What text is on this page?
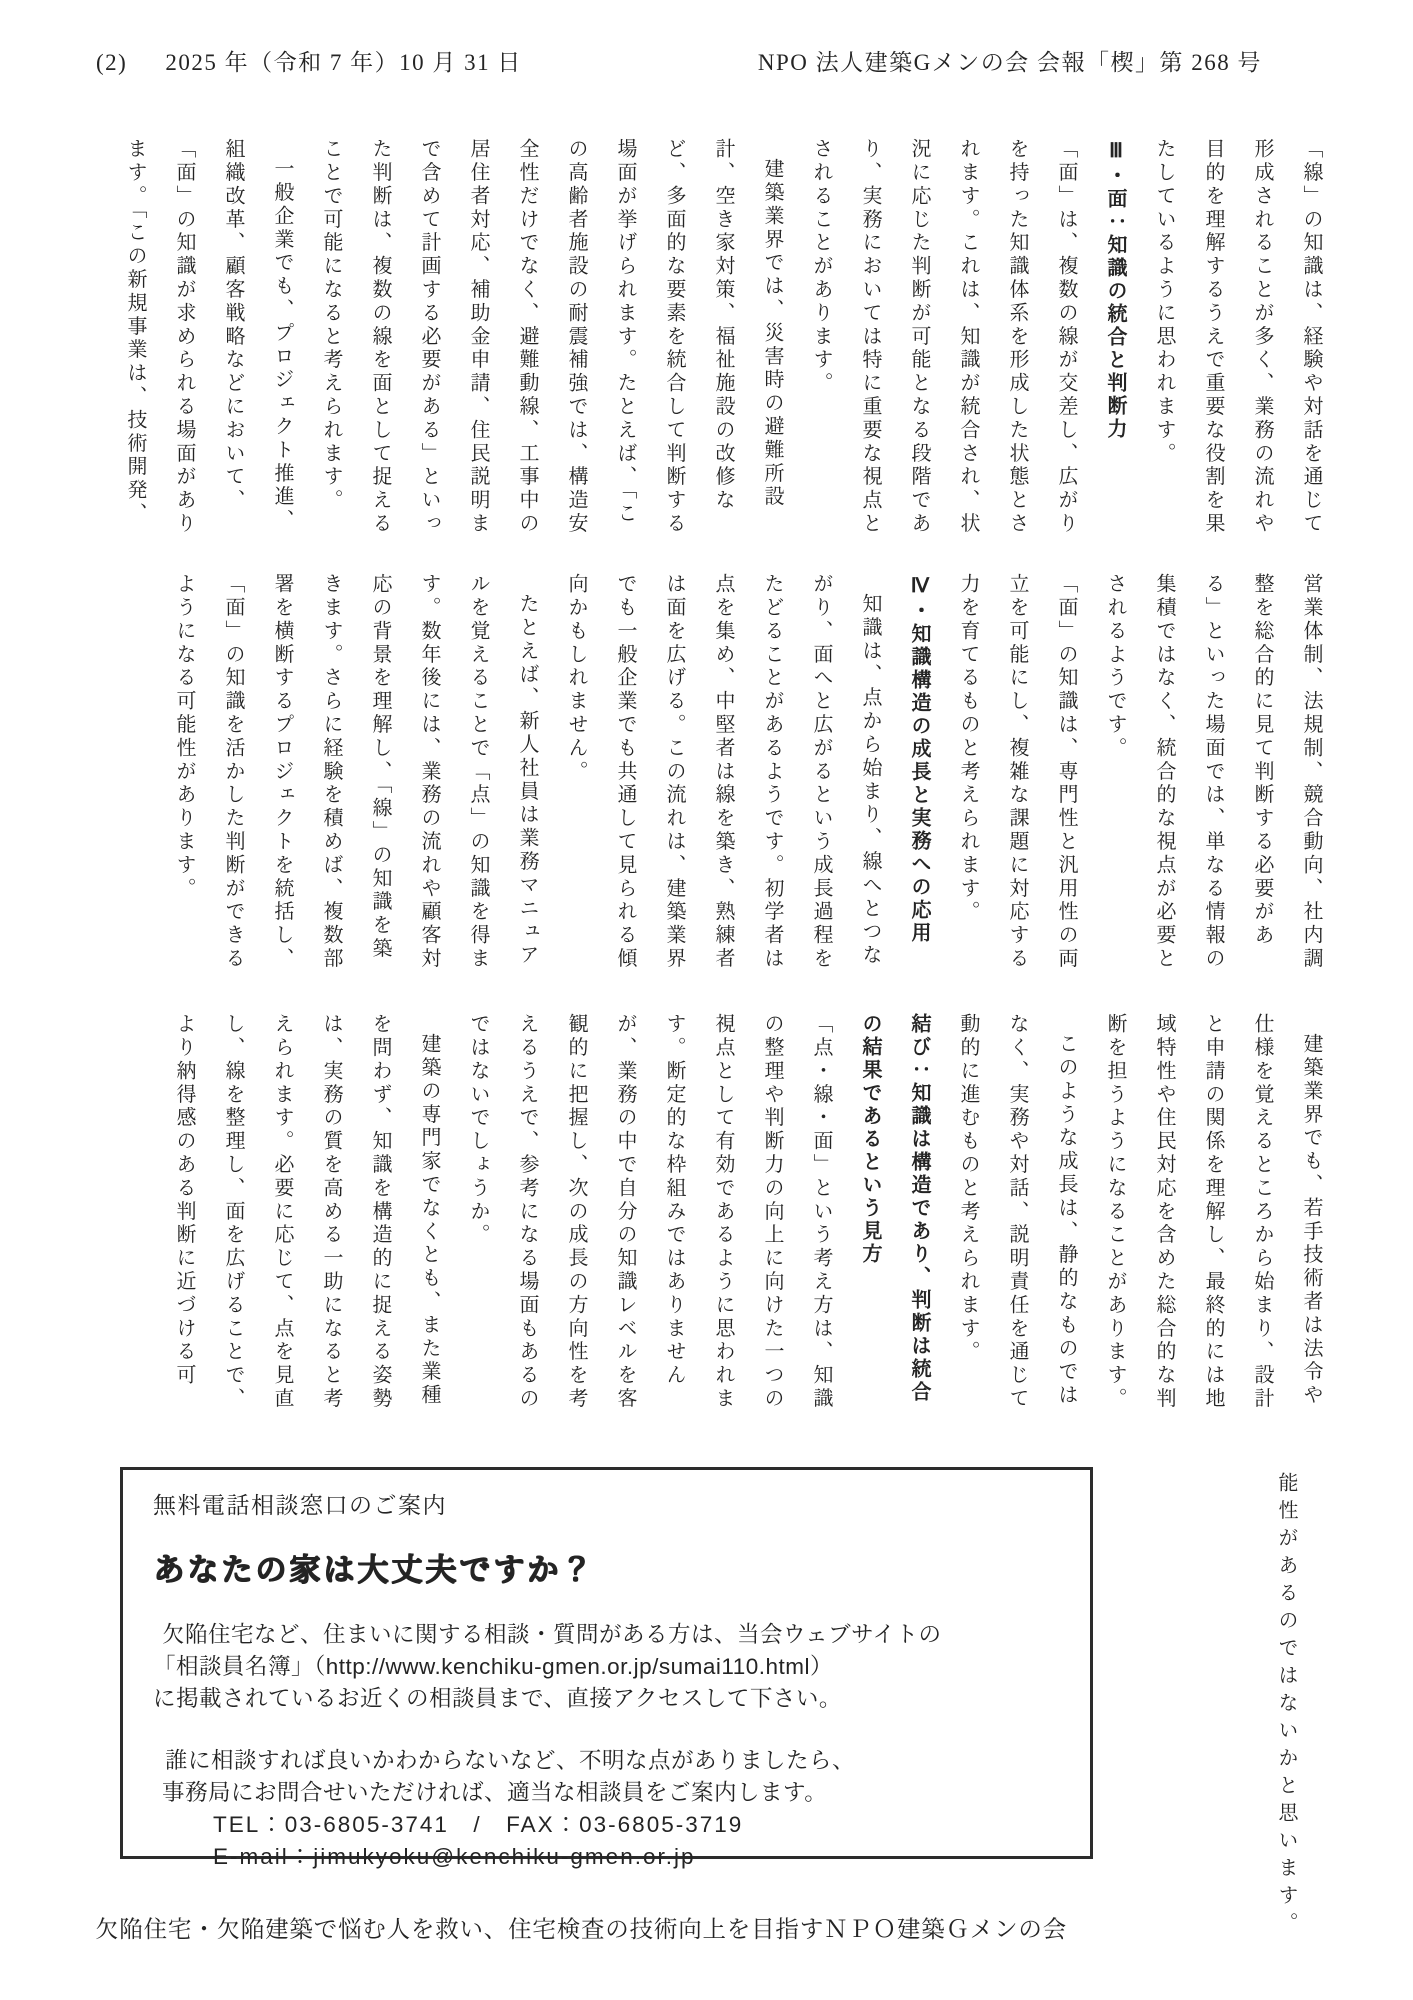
(2) 2025 年（令和 7 年）10 月 31 日	NPO 法人建築Gメンの会 会報「楔」第 268 号

「線」の知識は、経験や対話を通じて形成されることが多く、業務の流れや目的を理解するうえで重要な役割を果たしているように思われます。

Ⅲ・面：知識の統合と判断力

「面」は、複数の線が交差し、広がりを持った知識体系を形成した状態とされます。これは、知識が統合され、状況に応じた判断が可能となる段階であり、実務においては特に重要な視点とされることがあります。

建築業界では、災害時の避難所設計、空き家対策、福祉施設の改修など、多面的な要素を統合して判断する場面が挙げられます。たとえば、「この高齢者施設の耐震補強では、構造安全性だけでなく、避難動線、工事中の居住者対応、補助金申請、住民説明まで含めて計画する必要がある」といった判断は、複数の線を面として捉えることで可能になると考えられます。

一般企業でも、プロジェクト推進、組織改革、顧客戦略などにおいて、「面」の知識が求められる場面があります。「この新規事業は、技術開発、

営業体制、法規制、競合動向、社内調整を総合的に見て判断する必要がある」といった場面では、単なる情報の集積ではなく、統合的な視点が必要とされるようです。

「面」の知識は、専門性と汎用性の両立を可能にし、複雑な課題に対応する力を育てるものと考えられます。

Ⅳ・知識構造の成長と実務への応用

知識は、点から始まり、線へとつながり、面へと広がるという成長過程をたどることがあるようです。初学者は点を集め、中堅者は線を築き、熟練者は面を広げる。この流れは、建築業界でも一般企業でも共通して見られる傾向かもしれません。

たとえば、新人社員は業務マニュアルを覚えることで「点」の知識を得ます。数年後には、業務の流れや顧客対応の背景を理解し、「線」の知識を築きます。さらに経験を積めば、複数部署を横断するプロジェクトを統括し、「面」の知識を活かした判断ができるようになる可能性があります。

建築業界でも、若手技術者は法令や仕様を覚えるところから始まり、設計と申請の関係を理解し、最終的には地域特性や住民対応を含めた総合的な判断を担うようになることがあります。

このような成長は、静的なものではなく、実務や対話、説明責任を通じて動的に進むものと考えられます。

結び：知識は構造であり、判断は統合の結果であるという見方

「点・線・面」という考え方は、知識の整理や判断力の向上に向けた一つの視点として有効であるように思われます。断定的な枠組みではありませんが、業務の中で自分の知識レベルを客観的に把握し、次の成長の方向性を考えるうえで、参考になる場面もあるのではないでしょうか。

建築の専門家でなくとも、また業種を問わず、知識を構造的に捉える姿勢は、実務の質を高める一助になると考えられます。必要に応じて、点を見直し、線を整理し、面を広げることで、より納得感のある判断に近づける可

能性があるのではないかと思います。
無料電話相談窓口のご案内
あなたの家は大丈夫ですか？
欠陥住宅など、住まいに関する相談・質問がある方は、当会ウェブサイトの
「相談員名簿」（http://www.kenchiku-gmen.or.jp/sumai110.html）
に掲載されているお近くの相談員まで、直接アクセスして下さい。
誰に相談すれば良いかわからないなど、不明な点がありましたら、
事務局にお問合せいただければ、適当な相談員をご案内します。
TEL：03-6805-3741　/　FAX：03-6805-3719
E-mail：jimukyoku@kenchiku-gmen.or.jp
欠陥住宅・欠陥建築で悩む人を救い、住宅検査の技術向上を目指すＮＰＯ建築Ｇメンの会
